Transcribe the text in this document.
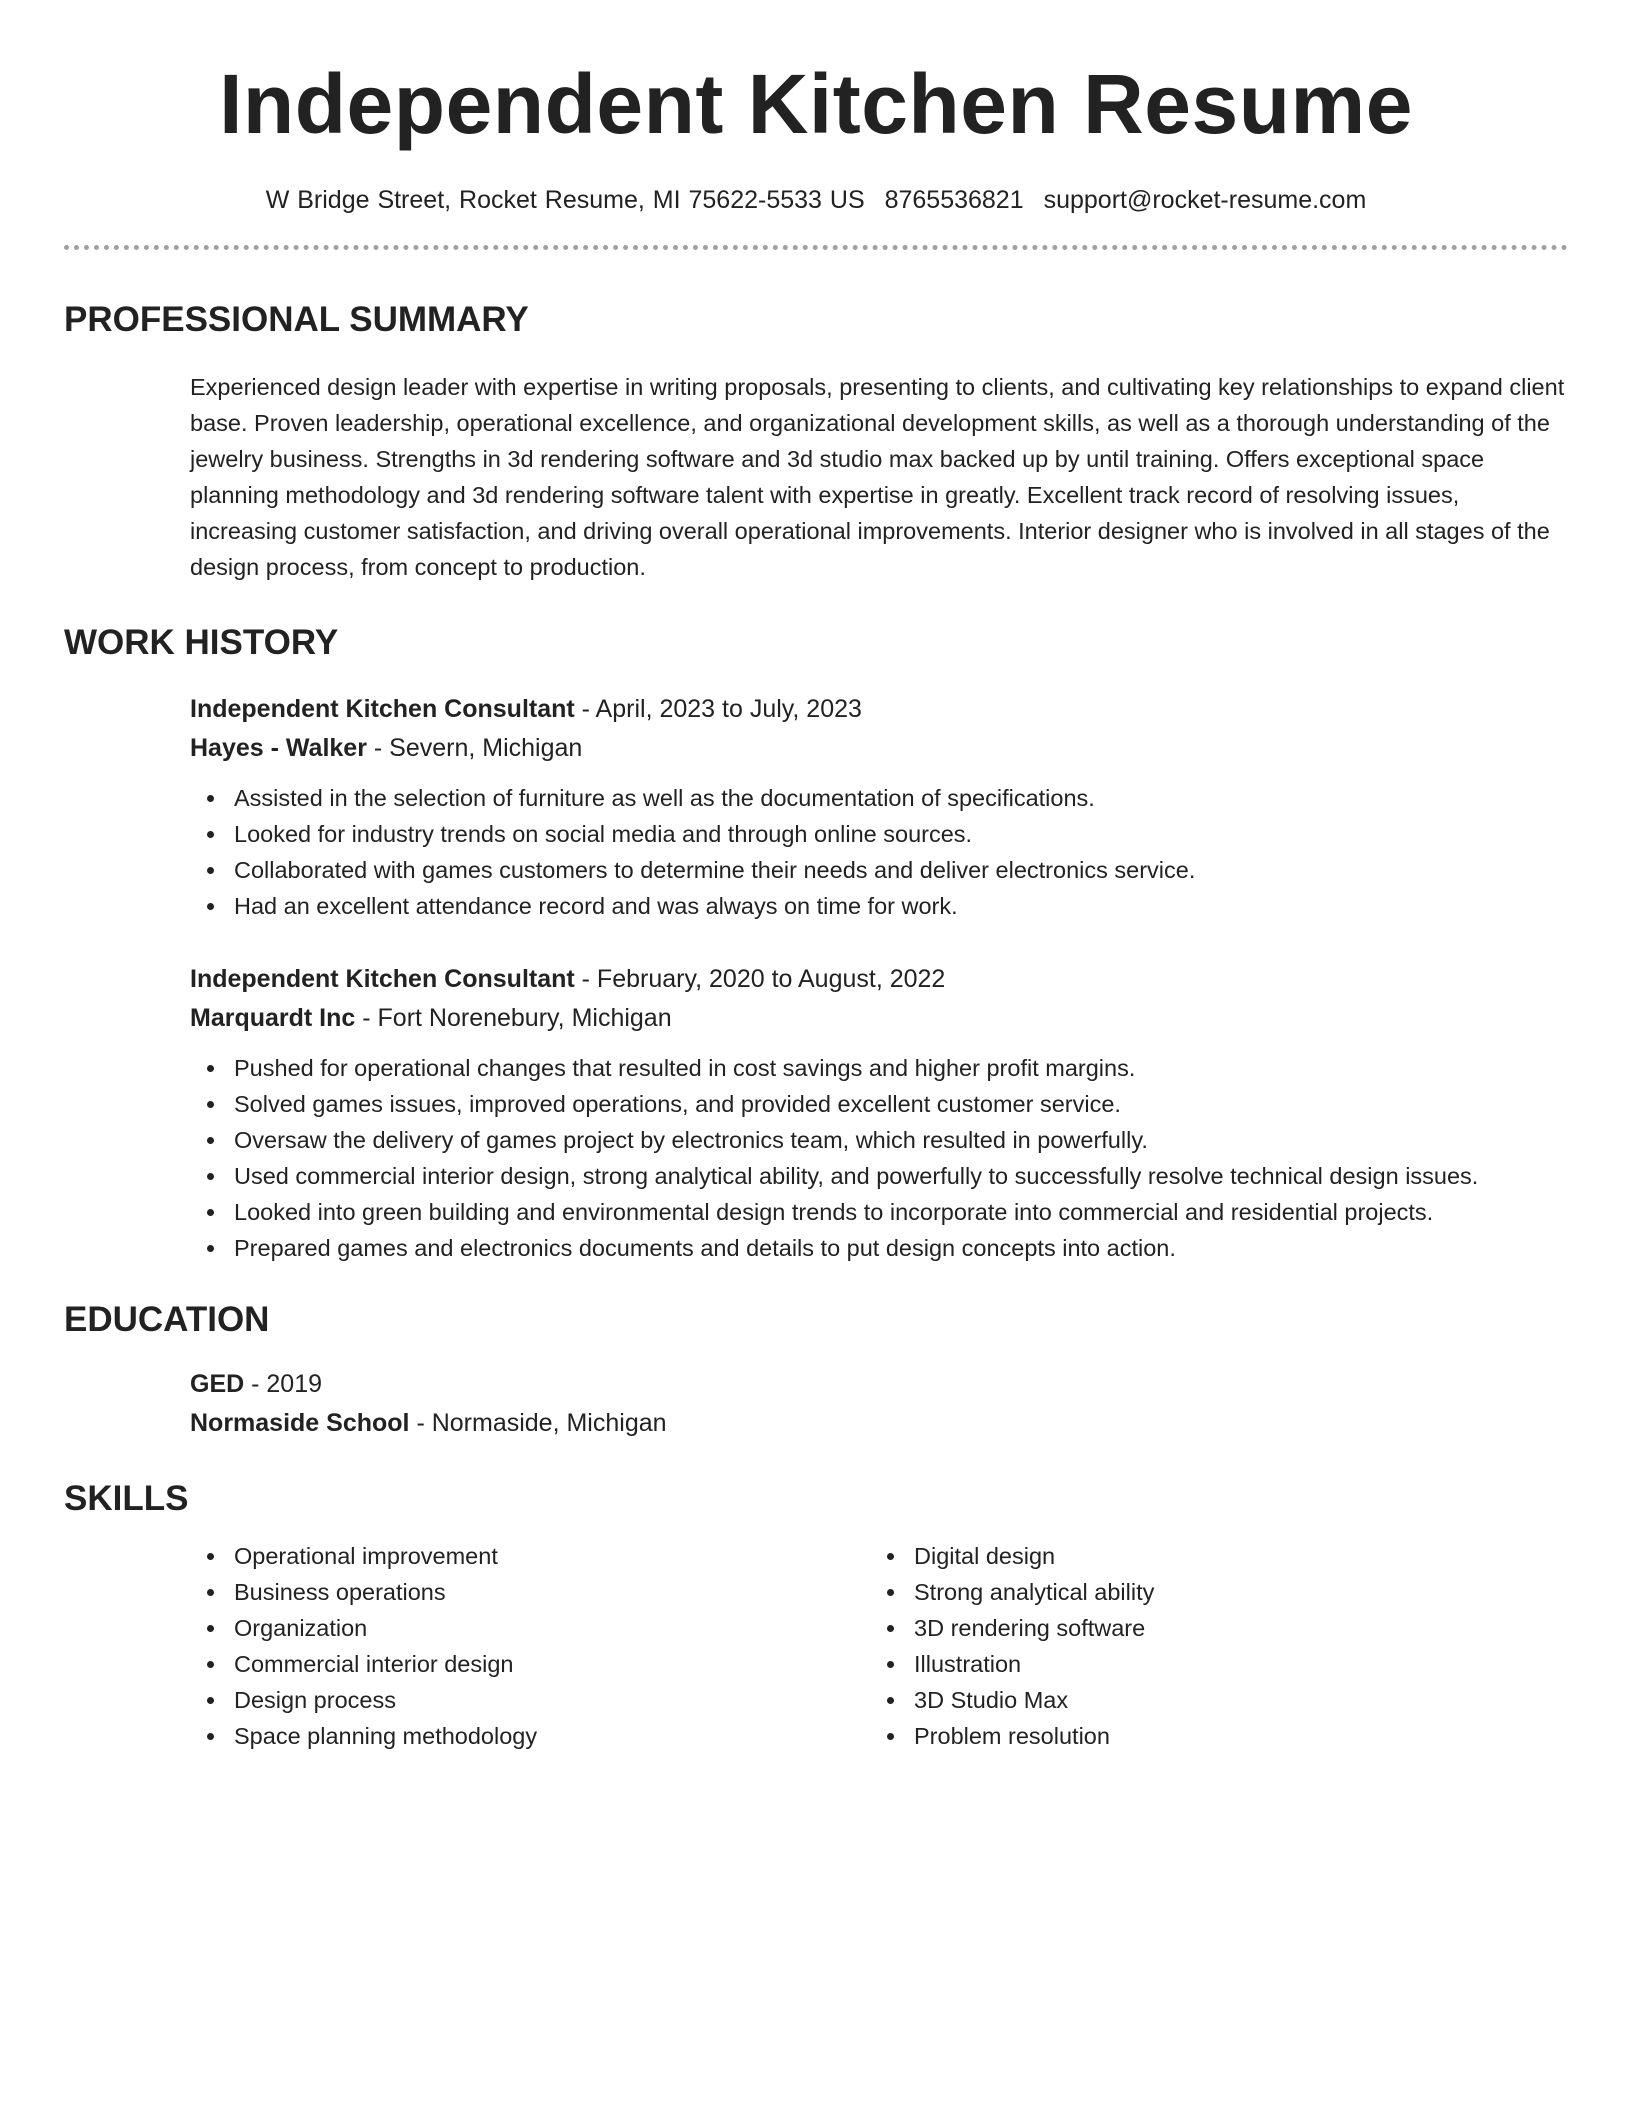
Independent Kitchen Resume
W Bridge Street, Rocket Resume, MI 75622-5533 US 8765536821 support@rocket-resume.com
PROFESSIONAL SUMMARY

Experienced design leader with expertise in writing proposals, presenting to clients, and cultivating key relationships to expand client base. Proven leadership, operational excellence, and organizational development skills, as well as a thorough understanding of the jewelry business. Strengths in 3d rendering software and 3d studio max backed up by until training. Offers exceptional space planning methodology and 3d rendering software talent with expertise in greatly. Excellent track record of resolving issues, increasing customer satisfaction, and driving overall operational improvements. Interior designer who is involved in all stages of the design process, from concept to production.

WORK HISTORY
Independent Kitchen Consultant - April, 2023 to July, 2023
Hayes - Walker - Severn, Michigan
Assisted in the selection of furniture as well as the documentation of specifications.
Looked for industry trends on social media and through online sources.
Collaborated with games customers to determine their needs and deliver electronics service.
Had an excellent attendance record and was always on time for work.
Independent Kitchen Consultant - February, 2020 to August, 2022
Marquardt Inc - Fort Norenebury, Michigan
Pushed for operational changes that resulted in cost savings and higher profit margins.
Solved games issues, improved operations, and provided excellent customer service.
Oversaw the delivery of games project by electronics team, which resulted in powerfully.
Used commercial interior design, strong analytical ability, and powerfully to successfully resolve technical design issues.
Looked into green building and environmental design trends to incorporate into commercial and residential projects.
Prepared games and electronics documents and details to put design concepts into action.
EDUCATION
GED - 2019
Normaside School - Normaside, Michigan
SKILLS
Operational improvement
Business operations
Organization
Commercial interior design
Design process
Space planning methodology
Digital design
Strong analytical ability
3D rendering software
Illustration
3D Studio Max
Problem resolution
